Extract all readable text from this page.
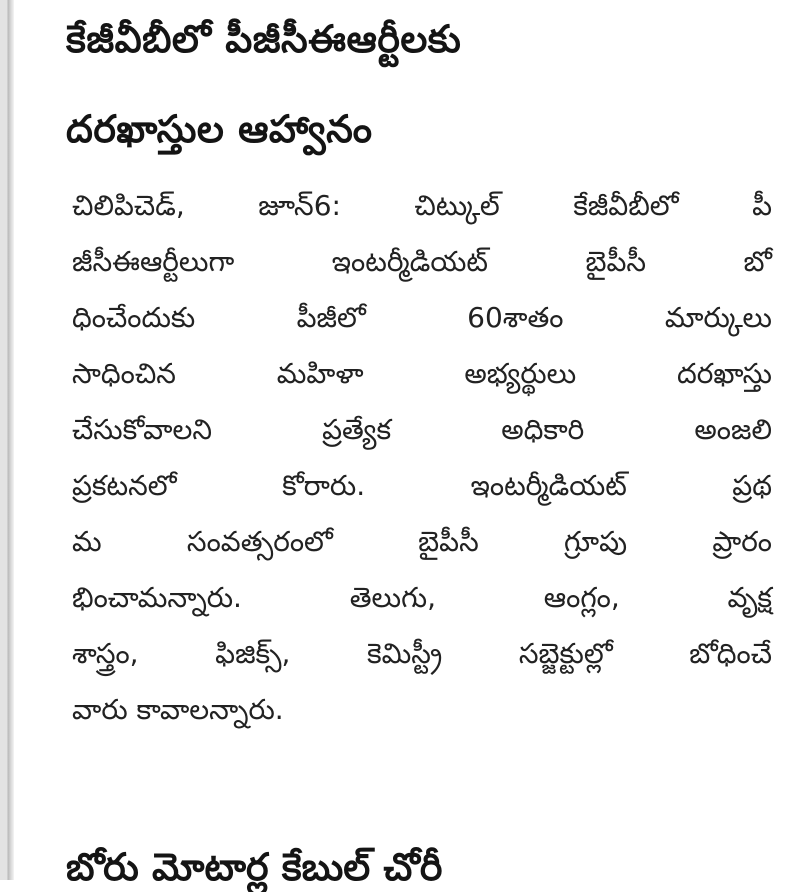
కేజీవీబీలో పీజీసీఈఆర్టీలకు
దరఖాస్తుల ఆహ్వానం
చిలిపిచెడ్, జూన్6: చిట్కుల్ కేజీవీబీలో పీ
జీసీఈఆర్టీలుగా ఇంటర్మీడియట్ బైపీసీ బో
ధించేందుకు పీజీలో 60శాతం మార్కులు
సాధించిన మహిళా అభ్యర్థులు దరఖాస్తు
చేసుకోవాలని ప్రత్యేక అధికారి అంజలి
ప్రకటనలో కోరారు. ఇంటర్మీడియట్ ప్రథ
మ సంవత్సరంలో బైపీసీ గ్రూపు ప్రారం
భించామన్నారు. తెలుగు, ఆంగ్లం, వృక్ష
శాస్త్రం, ఫిజిక్స్, కెమిస్ట్రీ సబ్జెక్టుల్లో బోధించే
వారు కావాలన్నారు.
బోరు మోటార్ల కేబుల్ చోరీ
